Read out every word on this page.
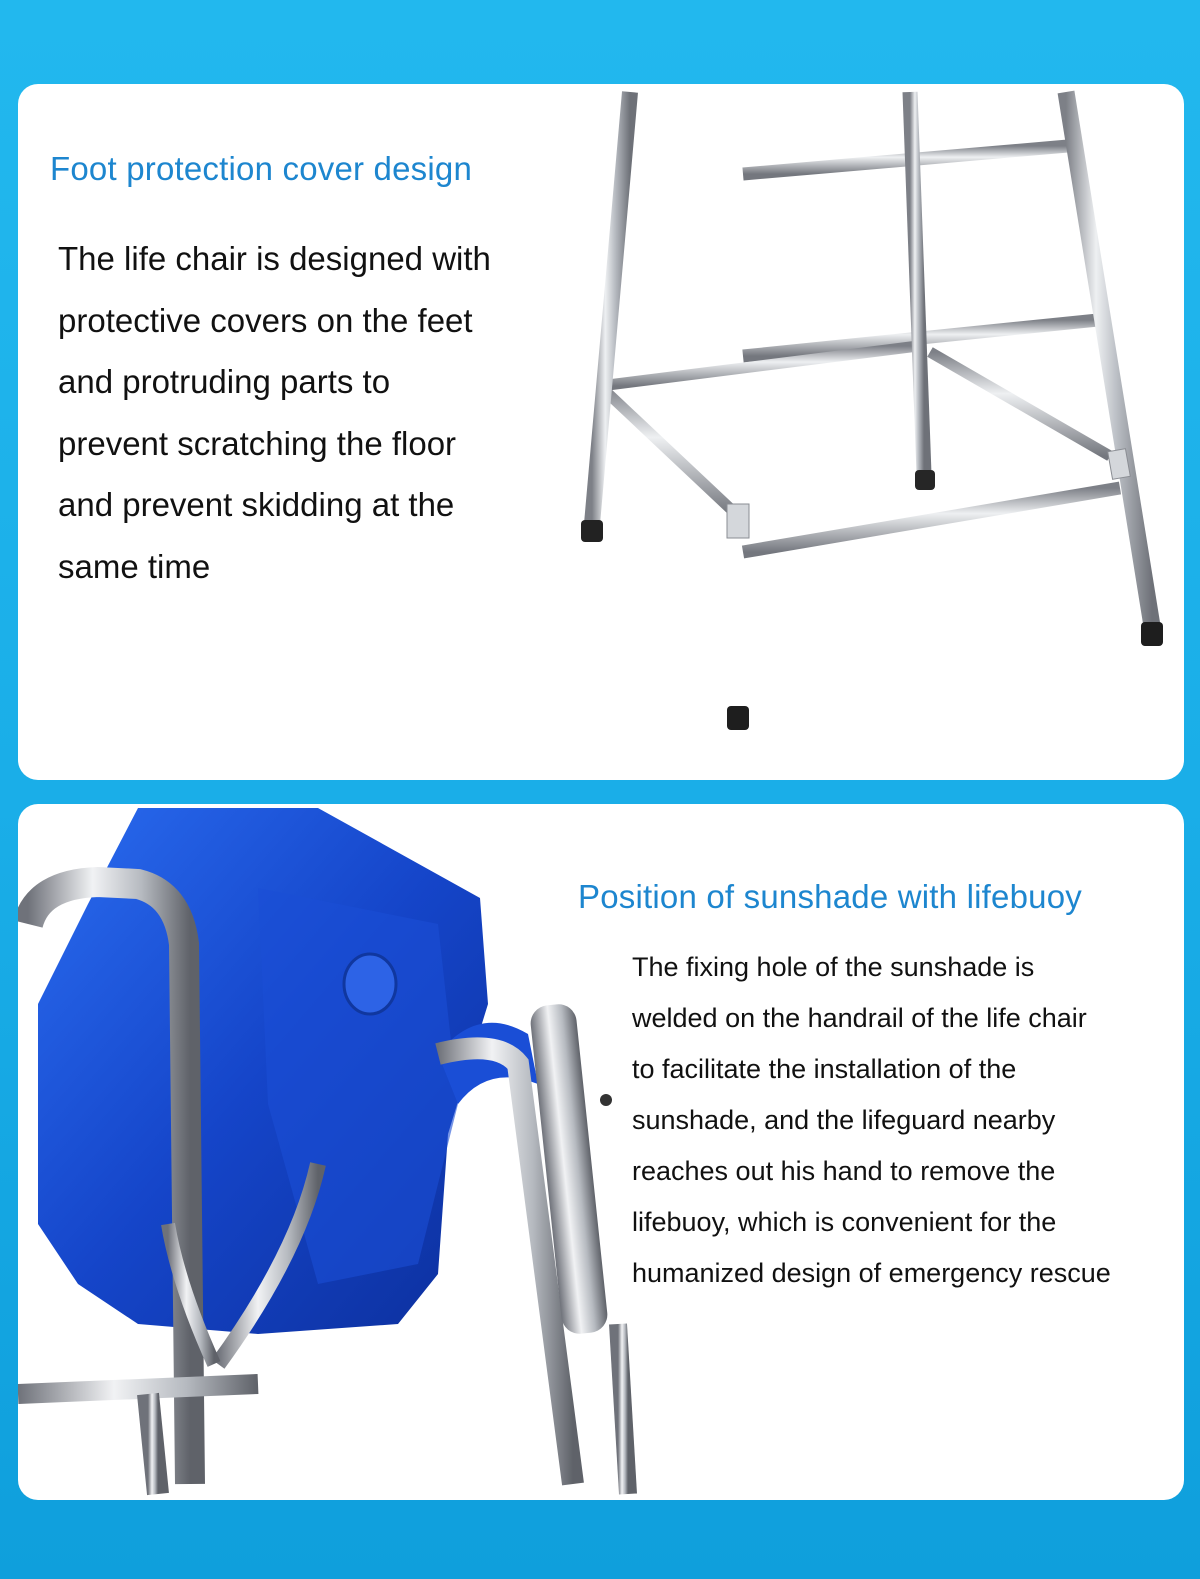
Foot protection cover design
The life chair is designed with
protective covers on the feet
and protruding parts to
prevent scratching the floor
and prevent skidding at the
same time
Position of sunshade with lifebuoy
The fixing hole of the sunshade is
welded on the handrail of the life chair
to facilitate the installation of the
sunshade, and the lifeguard nearby
reaches out his hand to remove the
lifebuoy, which is convenient for the
humanized design of emergency rescue
